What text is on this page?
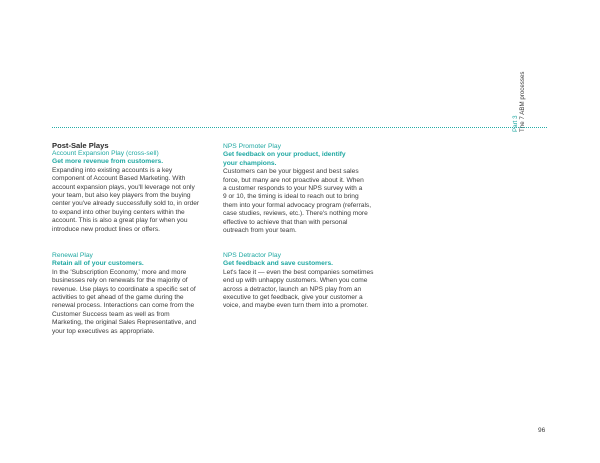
Part 3 The 7 ABM processes
Post-Sale Plays
Account Expansion Play (cross-sell)
Get more revenue from customers.
Expanding into existing accounts is a key
component of Account Based Marketing. With
account expansion plays, you'll leverage not only
your team, but also key players from the buying
center you've already successfully sold to, in order
to expand into other buying centers within the
account. This is also a great play for when you
introduce new product lines or offers.
Renewal Play
Retain all of your customers.
In the 'Subscription Economy,' more and more
businesses rely on renewals for the majority of
revenue. Use plays to coordinate a specific set of
activities to get ahead of the game during the
renewal process. Interactions can come from the
Customer Success team as well as from
Marketing, the original Sales Representative, and
your top executives as appropriate.
NPS Promoter Play
Get feedback on your product, identify
your champions.
Customers can be your biggest and best sales
force, but many are not proactive about it. When
a customer responds to your NPS survey with a
9 or 10, the timing is ideal to reach out to bring
them into your formal advocacy program (referrals,
case studies, reviews, etc.). There's nothing more
effective to achieve that than with personal
outreach from your team.
NPS Detractor Play
Get feedback and save customers.
Let's face it — even the best companies sometimes
end up with unhappy customers. When you come
across a detractor, launch an NPS play from an
executive to get feedback, give your customer a
voice, and maybe even turn them into a promoter.
96
